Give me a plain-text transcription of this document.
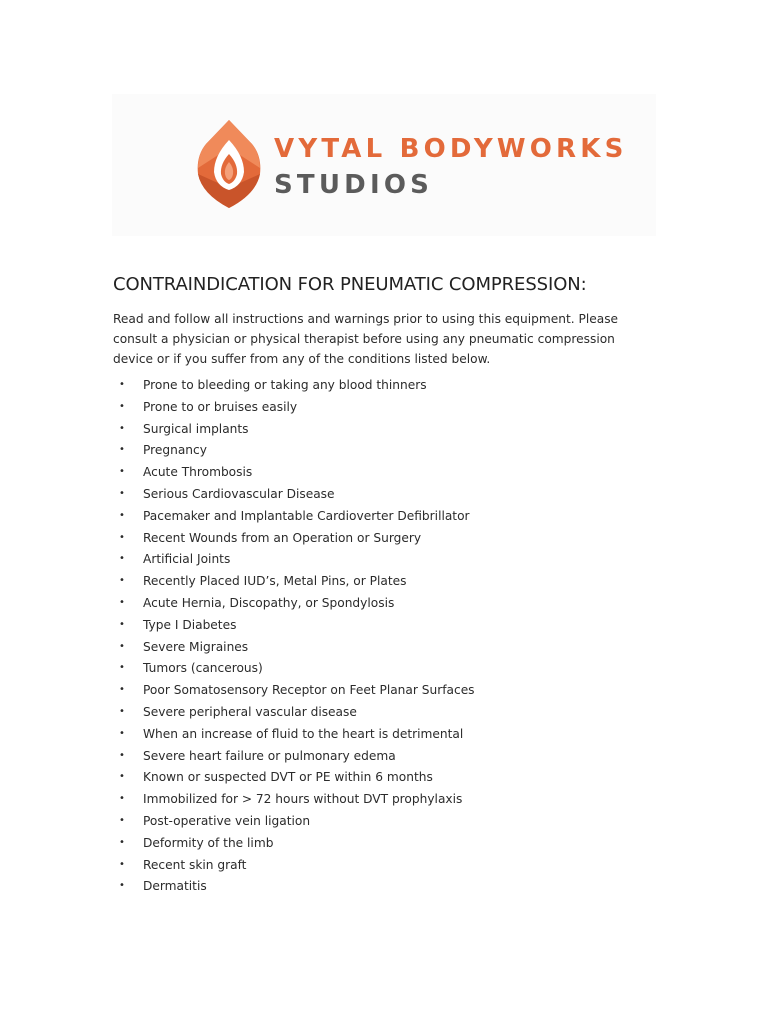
VYTAL BODYWORKS
STUDIOS
CONTRAINDICATION FOR PNEUMATIC COMPRESSION:

Read and follow all instructions and warnings prior to using this equipment. Please consult a physician or physical therapist before using any pneumatic compression device or if you suffer from any of the conditions listed below.

• Prone to bleeding or taking any blood thinners
• Prone to or bruises easily
• Surgical implants
• Pregnancy
• Acute Thrombosis
• Serious Cardiovascular Disease
• Pacemaker and Implantable Cardioverter Defibrillator
• Recent Wounds from an Operation or Surgery
• Artificial Joints
• Recently Placed IUD’s, Metal Pins, or Plates
• Acute Hernia, Discopathy, or Spondylosis
• Type I Diabetes
• Severe Migraines
• Tumors (cancerous)
• Poor Somatosensory Receptor on Feet Planar Surfaces
• Severe peripheral vascular disease
• When an increase of fluid to the heart is detrimental
• Severe heart failure or pulmonary edema
• Known or suspected DVT or PE within 6 months
• Immobilized for > 72 hours without DVT prophylaxis
• Post-operative vein ligation
• Deformity of the limb
• Recent skin graft
• Dermatitis
